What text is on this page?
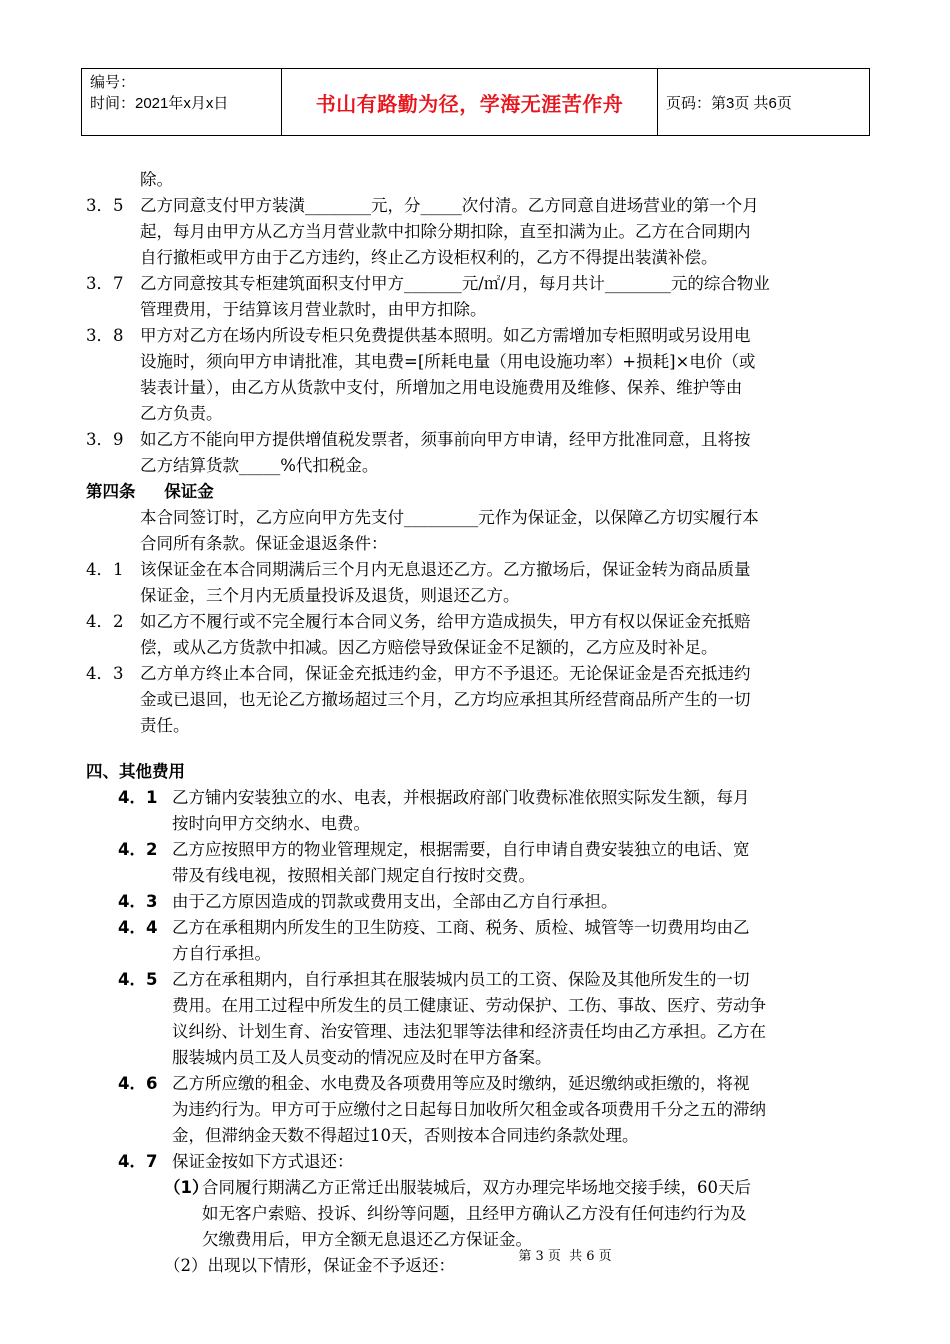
编号：
时间：2021年x月x日	书山有路勤为径，学海无涯苦作舟	页码：第3页 共6页
除。
3．5 乙方同意支付甲方装潢________元，分_____次付清。乙方同意自进场营业的第一个月
起，每月由甲方从乙方当月营业款中扣除分期扣除，直至扣满为止。乙方在合同期内
自行撤柜或甲方由于乙方违约，终止乙方设柜权利的，乙方不得提出装潢补偿。
3．7 乙方同意按其专柜建筑面积支付甲方_______元/㎡/月，每月共计________元的综合物业
管理费用，于结算该月营业款时，由甲方扣除。
3．8 甲方对乙方在场内所设专柜只免费提供基本照明。如乙方需增加专柜照明或另设用电
设施时，须向甲方申请批准，其电费=[所耗电量（用电设施功率）+损耗]×电价（或
装表计量），由乙方从货款中支付，所增加之用电设施费用及维修、保养、维护等由
乙方负责。
3．9 如乙方不能向甲方提供增值税发票者，须事前向甲方申请，经甲方批准同意，且将按
乙方结算货款_____%代扣税金。
第四条     保证金
本合同签订时，乙方应向甲方先支付_________元作为保证金，以保障乙方切实履行本
合同所有条款。保证金退返条件：
4．1 该保证金在本合同期满后三个月内无息退还乙方。乙方撤场后，保证金转为商品质量
保证金，三个月内无质量投诉及退货，则退还乙方。
4．2 如乙方不履行或不完全履行本合同义务，给甲方造成损失，甲方有权以保证金充抵赔
偿，或从乙方货款中扣减。因乙方赔偿导致保证金不足额的，乙方应及时补足。
4．3 乙方单方终止本合同，保证金充抵违约金，甲方不予退还。无论保证金是否充抵违约
金或已退回，也无论乙方撤场超过三个月，乙方均应承担其所经营商品所产生的一切
责任。
四、其他费用
4．1 乙方铺内安装独立的水、电表，并根据政府部门收费标准依照实际发生额，每月
按时向甲方交纳水、电费。
4．2 乙方应按照甲方的物业管理规定，根据需要，自行申请自费安装独立的电话、宽
带及有线电视，按照相关部门规定自行按时交费。
4．3 由于乙方原因造成的罚款或费用支出，全部由乙方自行承担。
4．4 乙方在承租期内所发生的卫生防疫、工商、税务、质检、城管等一切费用均由乙
方自行承担。
4．5 乙方在承租期内，自行承担其在服装城内员工的工资、保险及其他所发生的一切
费用。在用工过程中所发生的员工健康证、劳动保护、工伤、事故、医疗、劳动争
议纠纷、计划生育、治安管理、违法犯罪等法律和经济责任均由乙方承担。乙方在
服装城内员工及人员变动的情况应及时在甲方备案。
4．6 乙方所应缴的租金、水电费及各项费用等应及时缴纳，延迟缴纳或拒缴的，将视
为违约行为。甲方可于应缴付之日起每日加收所欠租金或各项费用千分之五的滞纳
金，但滞纳金天数不得超过10天，否则按本合同违约条款处理。
4．7 保证金按如下方式退还：
（1）
合同履行期满乙方正常迁出服装城后，双方办理完毕场地交接手续，60天后
如无客户索赔、投诉、纠纷等问题，且经甲方确认乙方没有任何违约行为及
欠缴费用后，甲方全额无息退还乙方保证金。
（2）出现以下情形，保证金不予返还：	第 3 页  共 6 页
